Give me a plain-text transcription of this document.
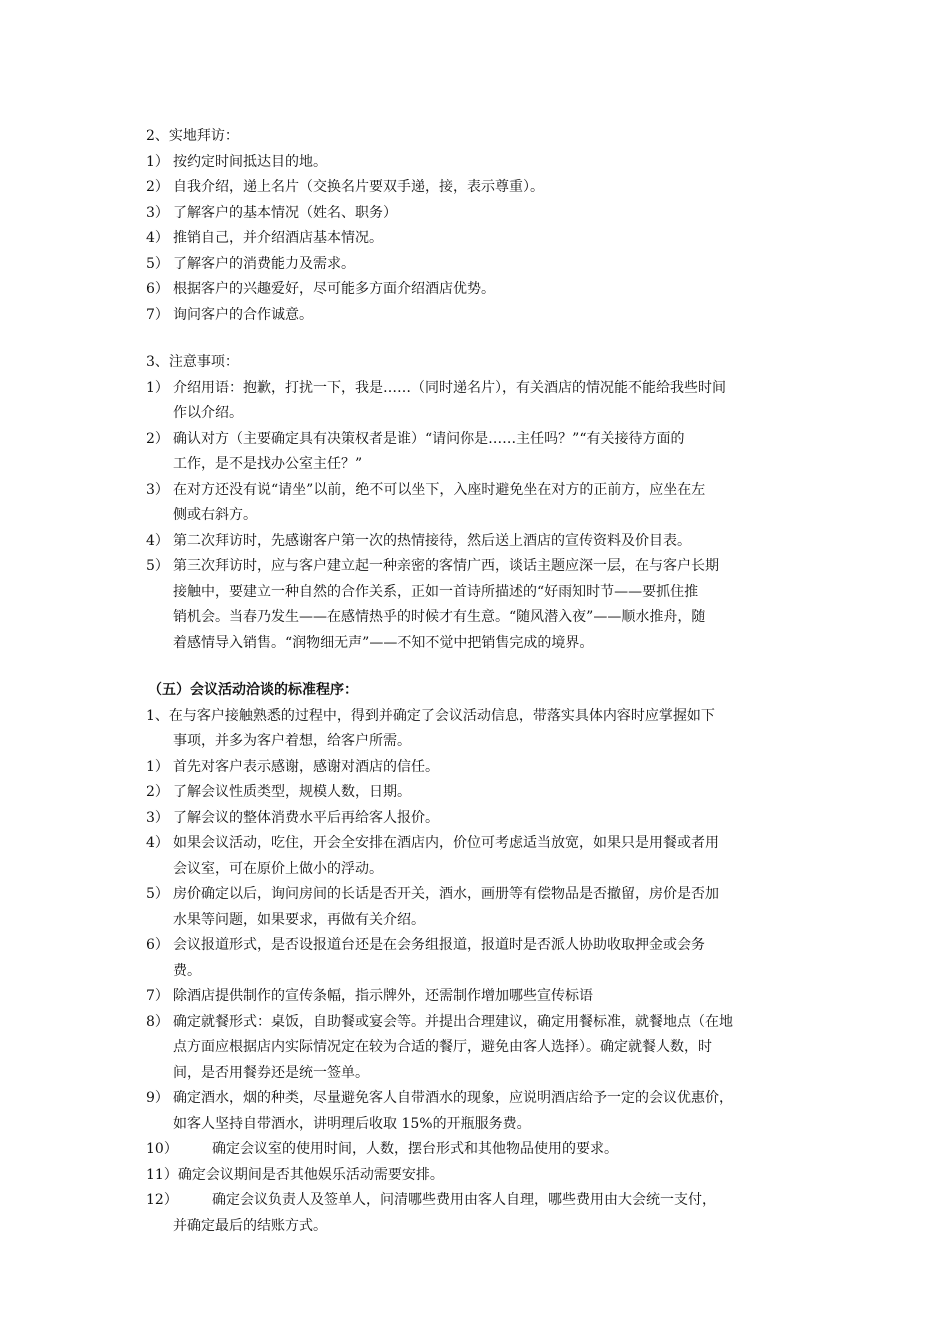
2、实地拜访：
1） 按约定时间抵达目的地。
2） 自我介绍，递上名片（交换名片要双手递，接，表示尊重）。
3） 了解客户的基本情况（姓名、职务）
4） 推销自己，并介绍酒店基本情况。
5） 了解客户的消费能力及需求。
6） 根据客户的兴趣爱好，尽可能多方面介绍酒店优势。
7） 询问客户的合作诚意。
3、注意事项：
1） 介绍用语：抱歉，打扰一下，我是……（同时递名片），有关酒店的情况能不能给我些时间
作以介绍。
2） 确认对方（主要确定具有决策权者是谁）“请问你是……主任吗？”“有关接待方面的
工作，是不是找办公室主任？”
3） 在对方还没有说“请坐”以前，绝不可以坐下，入座时避免坐在对方的正前方，应坐在左
侧或右斜方。
4） 第二次拜访时，先感谢客户第一次的热情接待，然后送上酒店的宣传资料及价目表。
5） 第三次拜访时，应与客户建立起一种亲密的客情广西，谈话主题应深一层，在与客户长期
接触中，要建立一种自然的合作关系，正如一首诗所描述的“好雨知时节——要抓住推
销机会。当春乃发生——在感情热乎的时候才有生意。“随风潜入夜”——顺水推舟，随
着感情导入销售。“润物细无声”——不知不觉中把销售完成的境界。
（五）会议活动洽谈的标准程序：
1、在与客户接触熟悉的过程中，得到并确定了会议活动信息，带落实具体内容时应掌握如下
事项，并多为客户着想，给客户所需。
1） 首先对客户表示感谢，感谢对酒店的信任。
2） 了解会议性质类型，规模人数，日期。
3） 了解会议的整体消费水平后再给客人报价。
4） 如果会议活动，吃住，开会全安排在酒店内，价位可考虑适当放宽，如果只是用餐或者用
会议室，可在原价上做小的浮动。
5） 房价确定以后，询问房间的长话是否开关，酒水，画册等有偿物品是否撤留，房价是否加
水果等问题，如果要求，再做有关介绍。
6） 会议报道形式，是否设报道台还是在会务组报道，报道时是否派人协助收取押金或会务
费。
7） 除酒店提供制作的宣传条幅，指示牌外，还需制作增加哪些宣传标语
8） 确定就餐形式：桌饭，自助餐或宴会等。并提出合理建议，确定用餐标准，就餐地点（在地
点方面应根据店内实际情况定在较为合适的餐厅，避免由客人选择）。确定就餐人数，时
间，是否用餐券还是统一签单。
9） 确定酒水，烟的种类，尽量避免客人自带酒水的现象，应说明酒店给予一定的会议优惠价，
如客人坚持自带酒水，讲明理后收取 15%的开瓶服务费。
10）	确定会议室的使用时间，人数，摆台形式和其他物品使用的要求。
11） 确定会议期间是否其他娱乐活动需要安排。
12）	确定会议负责人及签单人，问清哪些费用由客人自理，哪些费用由大会统一支付，
并确定最后的结账方式。
